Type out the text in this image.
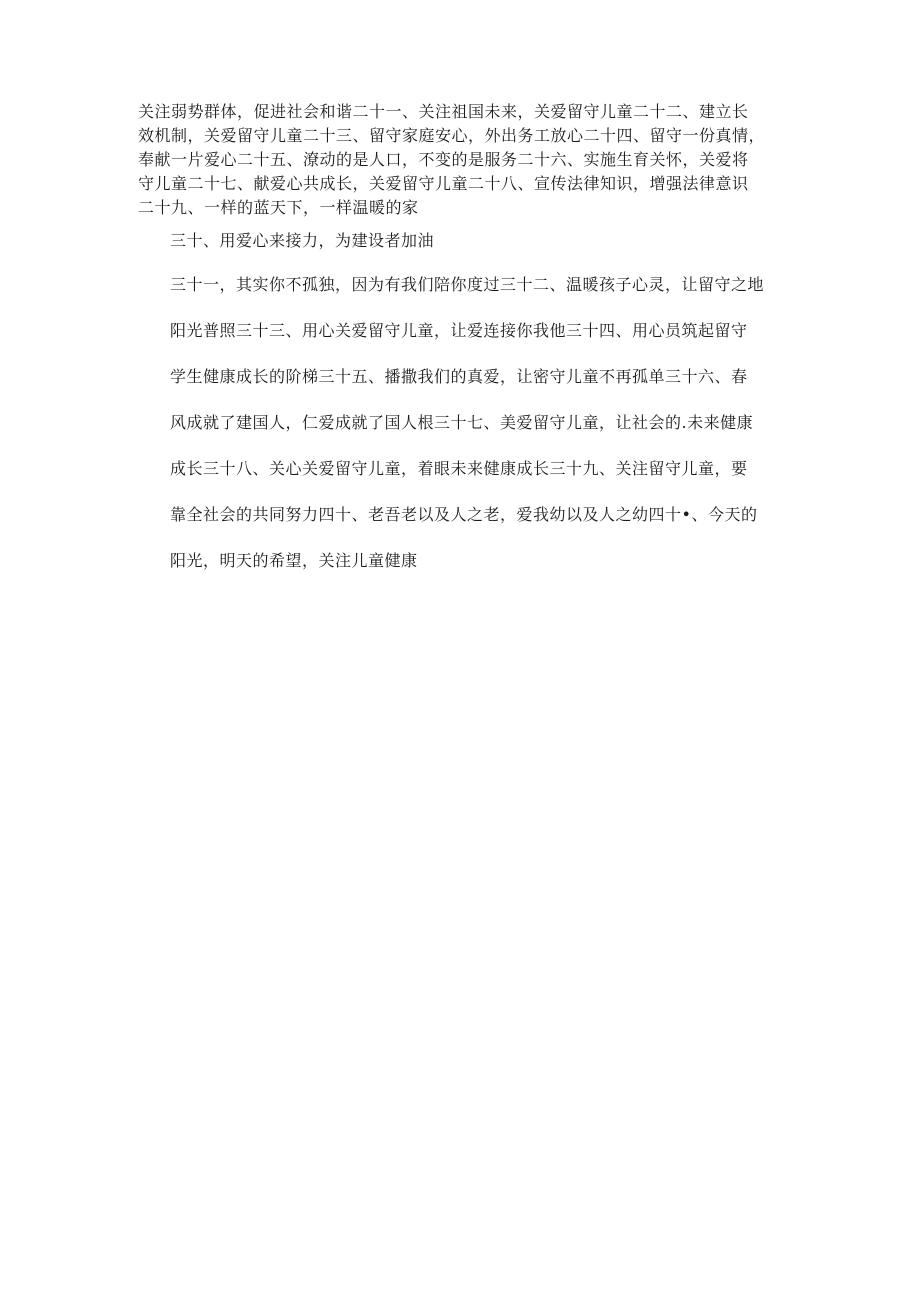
关注弱势群体，促进社会和谐二十一、关注祖国未来，关爱留守儿童二十二、建立长
效机制，关爱留守儿童二十三、留守家庭安心，外出务工放心二十四、留守一份真情，
奉献一片爱心二十五、潦动的是人口，不变的是服务二十六、实施生育关怀，关爱将
守儿童二十七、献爱心共成长，关爱留守儿童二十八、宣传法律知识，增强法律意识
二十九、一样的蓝天下，一样温暖的家
三十、用爱心来接力，为建设者加油
三十一，其实你不孤独，因为有我们陪你度过三十二、温暖孩子心灵，让留守之地
阳光普照三十三、用心关爱留守儿童，让爱连接你我他三十四、用心员筑起留守
学生健康成长的阶梯三十五、播撒我们的真爱，让密守儿童不再孤单三十六、春
风成就了建国人，仁爱成就了国人根三十七、美爱留守儿童，让社会的.未来健康
成长三十八、关心关爱留守儿童，着眼未来健康成长三十九、关注留守儿童，要
靠全社会的共同努力四十、老吾老以及人之老，爱我幼以及人之幼四十•、今天的
阳光，明天的希望，关注儿童健康
